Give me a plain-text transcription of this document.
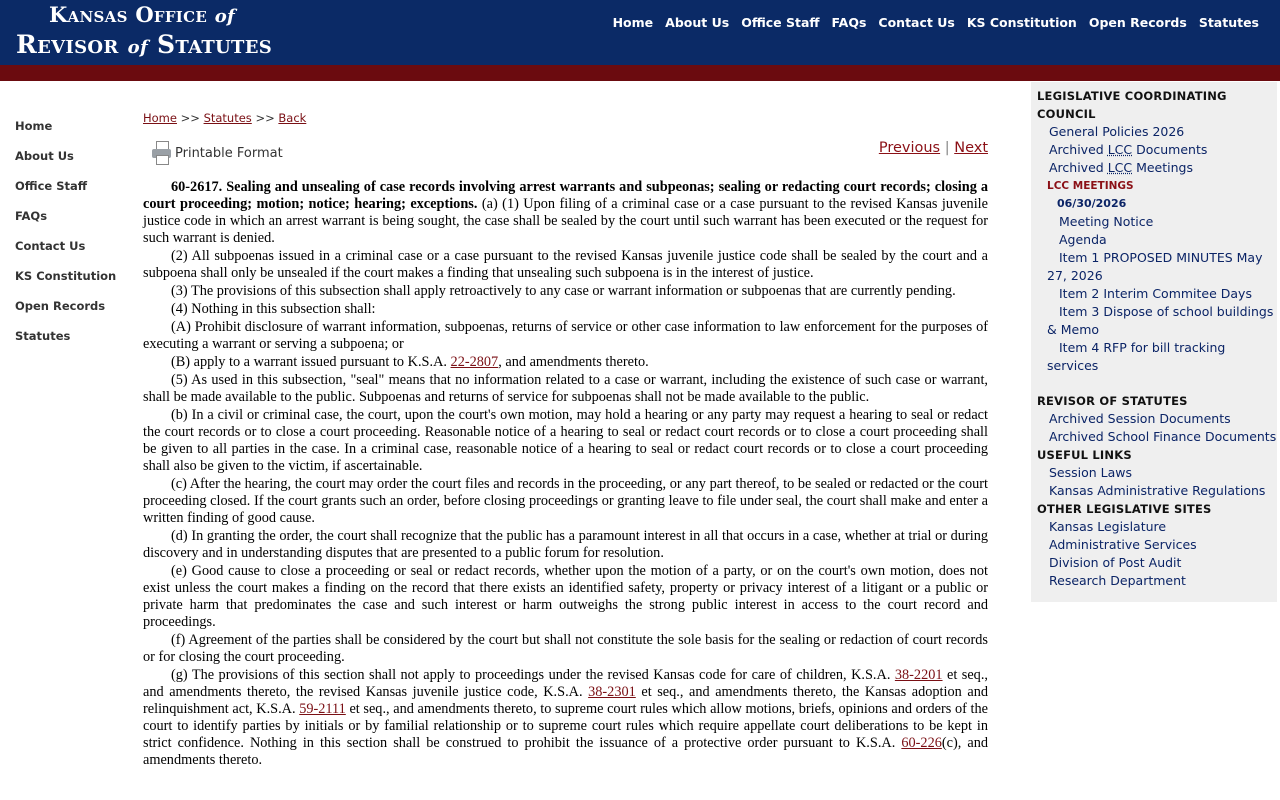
Kansas Office of
Revisor of Statutes
Home About Us Office Staff FAQs Contact Us KS Constitution Open Records Statutes
Home
About Us
Office Staff
FAQs
Contact Us
KS Constitution
Open Records
Statutes
Home >> Statutes >> Back
Printable Format	Previous | Next

60-2617. Sealing and unsealing of case records involving arrest warrants and subpeonas; sealing or redacting court records; closing a court proceeding; motion; notice; hearing; exceptions. (a) (1) Upon filing of a criminal case or a case pursuant to the revised Kansas juvenile justice code in which an arrest warrant is being sought, the case shall be sealed by the court until such warrant has been executed or the request for such warrant is denied.

(2) All subpoenas issued in a criminal case or a case pursuant to the revised Kansas juvenile justice code shall be sealed by the court and a subpoena shall only be unsealed if the court makes a finding that unsealing such subpoena is in the interest of justice.

(3) The provisions of this subsection shall apply retroactively to any case or warrant information or subpoenas that are currently pending.

(4) Nothing in this subsection shall:

(A) Prohibit disclosure of warrant information, subpoenas, returns of service or other case information to law enforcement for the purposes of executing a warrant or serving a subpoena; or

(B) apply to a warrant issued pursuant to K.S.A. 22-2807, and amendments thereto.

(5) As used in this subsection, "seal" means that no information related to a case or warrant, including the existence of such case or warrant, shall be made available to the public. Subpoenas and returns of service for subpoenas shall not be made available to the public.

(b) In a civil or criminal case, the court, upon the court's own motion, may hold a hearing or any party may request a hearing to seal or redact the court records or to close a court proceeding. Reasonable notice of a hearing to seal or redact court records or to close a court proceeding shall be given to all parties in the case. In a criminal case, reasonable notice of a hearing to seal or redact court records or to close a court proceeding shall also be given to the victim, if ascertainable.

(c) After the hearing, the court may order the court files and records in the proceeding, or any part thereof, to be sealed or redacted or the court proceeding closed. If the court grants such an order, before closing proceedings or granting leave to file under seal, the court shall make and enter a written finding of good cause.

(d) In granting the order, the court shall recognize that the public has a paramount interest in all that occurs in a case, whether at trial or during discovery and in understanding disputes that are presented to a public forum for resolution.

(e) Good cause to close a proceeding or seal or redact records, whether upon the motion of a party, or on the court's own motion, does not exist unless the court makes a finding on the record that there exists an identified safety, property or privacy interest of a litigant or a public or private harm that predominates the case and such interest or harm outweighs the strong public interest in access to the court record and proceedings.

(f) Agreement of the parties shall be considered by the court but shall not constitute the sole basis for the sealing or redaction of court records or for closing the court proceeding.

(g) The provisions of this section shall not apply to proceedings under the revised Kansas code for care of children, K.S.A. 38-2201 et seq., and amendments thereto, the revised Kansas juvenile justice code, K.S.A. 38-2301 et seq., and amendments thereto, the Kansas adoption and relinquishment act, K.S.A. 59-2111 et seq., and amendments thereto, to supreme court rules which allow motions, briefs, opinions and orders of the court to identify parties by initials or by familial relationship or to supreme court rules which require appellate court deliberations to be kept in strict confidence. Nothing in this section shall be construed to prohibit the issuance of a protective order pursuant to K.S.A. 60-226(c), and amendments thereto.

LEGISLATIVE COORDINATING COUNCIL
General Policies 2026
Archived LCC Documents
Archived LCC Meetings
LCC MEETINGS
06/30/2026
Meeting Notice
Agenda
Item 1 PROPOSED MINUTES May 27, 2026
Item 2 Interim Commitee Days
Item 3 Dispose of school buildings & Memo
Item 4 RFP for bill tracking services
REVISOR OF STATUTES
Archived Session Documents
Archived School Finance Documents
USEFUL LINKS
Session Laws
Kansas Administrative Regulations
OTHER LEGISLATIVE SITES
Kansas Legislature
Administrative Services
Division of Post Audit
Research Department
